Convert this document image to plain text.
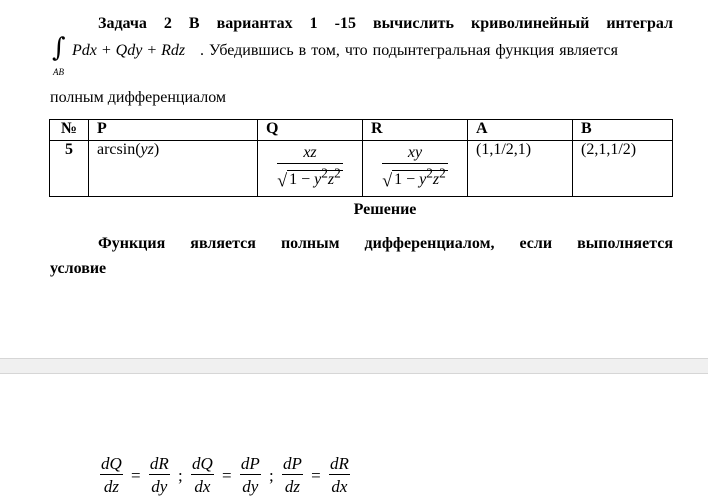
Задача 2 В вариантах 1 -15 вычислить криволинейный интеграл
∫
AB
Pdx + Qdy + Rdz . Убедившись в том, что подынтегральная функция является
полным дифференциалом
№	P	Q	R	A	B
5	arcsin(yz)	$\frac{xz}{√ 1 - y^2z^2}$	$\frac{xy}{√ 1 - y^2z^2}$	(1,1/2,1)	(2,1,1/2)
Решение
Функция является полным дифференциалом, если выполняется
условие
$\frac{dQ}{dz} = \frac{dR}{dy}$ ; $\frac{dQ}{dx} = \frac{dP}{dy}$ ; $\frac{dP}{dz} = \frac{dR}{dx}$
